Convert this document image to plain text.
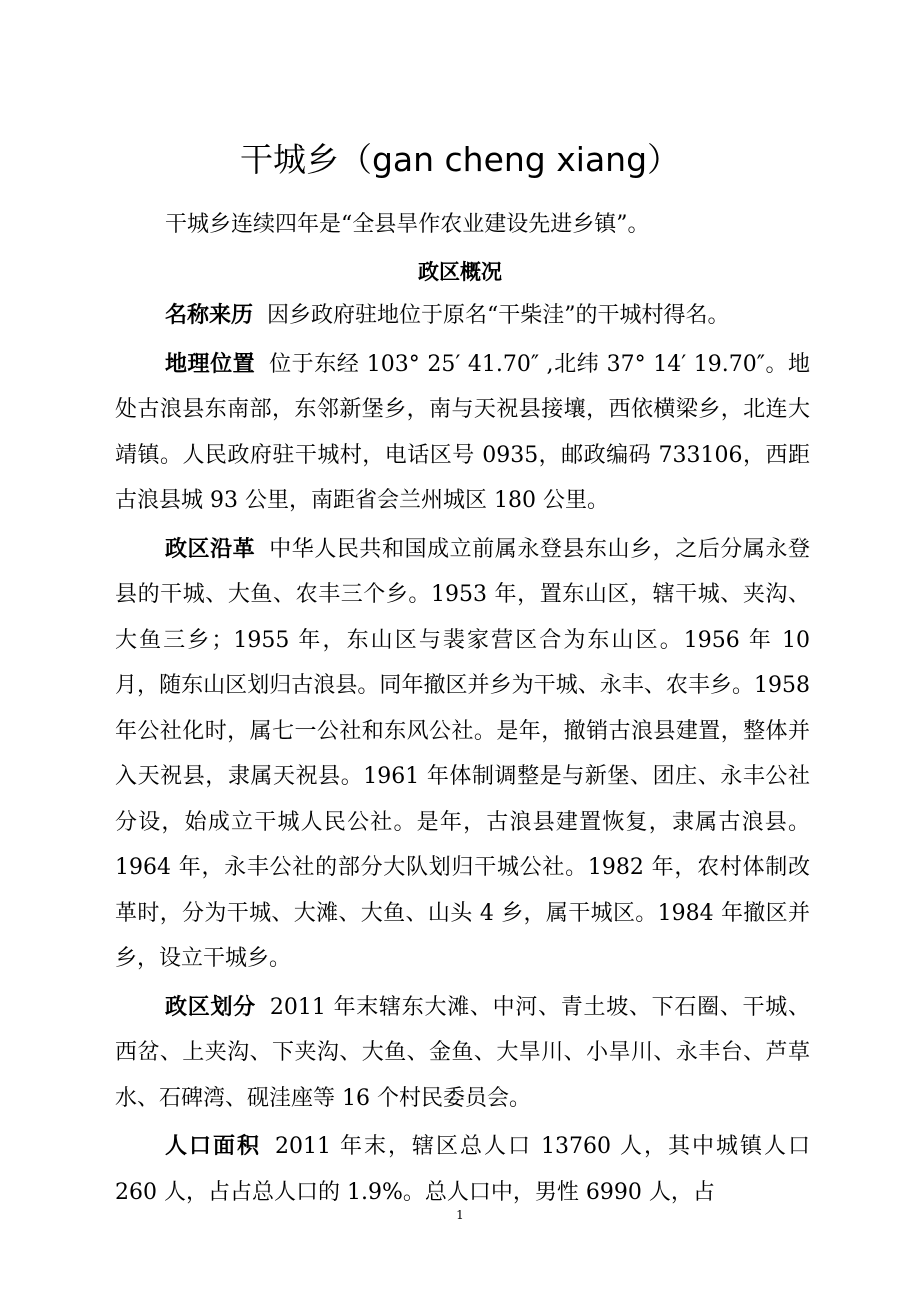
干城乡（gan cheng xiang）
干城乡连续四年是“全县旱作农业建设先进乡镇”。
政区概况

名称来历 因乡政府驻地位于原名“干柴洼”的干城村得名。

地理位置 位于东经 103° 25′ 41.70″ ,北纬 37° 14′ 19.70″。地处古浪县东南部，东邻新堡乡，南与天祝县接壤，西依横梁乡，北连大靖镇。人民政府驻干城村，电话区号 0935，邮政编码 733106，西距古浪县城 93 公里，南距省会兰州城区 180 公里。

政区沿革 中华人民共和国成立前属永登县东山乡，之后分属永登县的干城、大鱼、农丰三个乡。1953 年，置东山区，辖干城、夹沟、大鱼三乡；1955 年，东山区与裴家营区合为东山区。1956 年 10 月，随东山区划归古浪县。同年撤区并乡为干城、永丰、农丰乡。1958 年公社化时，属七一公社和东风公社。是年，撤销古浪县建置，整体并入天祝县，隶属天祝县。1961 年体制调整是与新堡、团庄、永丰公社分设，始成立干城人民公社。是年，古浪县建置恢复，隶属古浪县。1964 年，永丰公社的部分大队划归干城公社。1982 年，农村体制改革时，分为干城、大滩、大鱼、山头 4 乡，属干城区。1984 年撤区并乡，设立干城乡。

政区划分 2011 年末辖东大滩、中河、青土坡、下石圈、干城、西岔、上夹沟、下夹沟、大鱼、金鱼、大旱川、小旱川、永丰台、芦草水、石碑湾、砚洼座等 16 个村民委员会。

人口面积 2011 年末，辖区总人口 13760 人，其中城镇人口 260 人，占占总人口的 1.9%。总人口中，男性 6990 人，占

1
